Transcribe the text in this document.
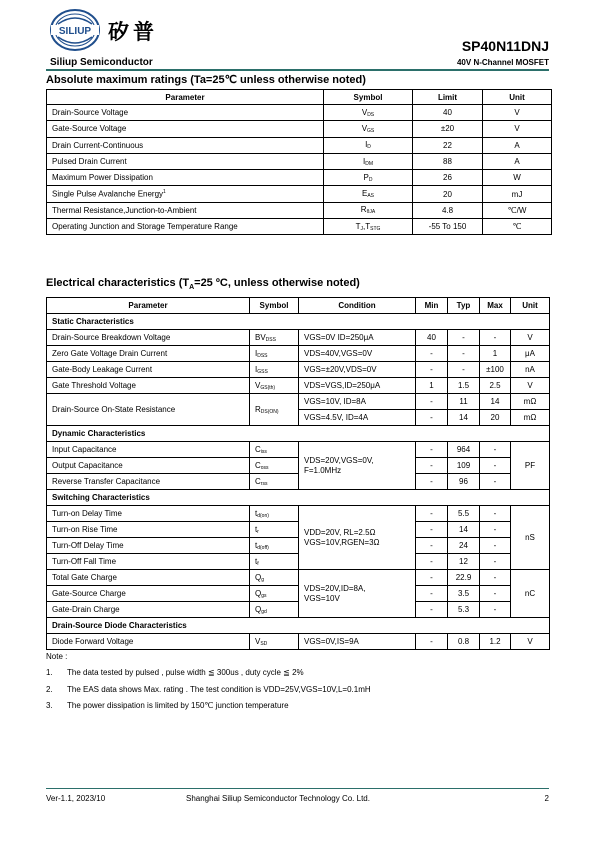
SILIUP 矽普
Siliup Semiconductor
SP40N11DNJ
40V N-Channel MOSFET
Absolute maximum ratings (Ta=25℃ unless otherwise noted)
Parameter	Symbol	Limit	Unit
Drain-Source Voltage	VDS	40	V
Gate-Source Voltage	VGS	±20	V
Drain Current-Continuous	ID	22	A
Pulsed Drain Current	IDM	88	A
Maximum Power Dissipation	PD	26	W
Single Pulse Avalanche Energy$^1$	EAS	20	mJ
Thermal Resistance,Junction-to-Ambient	RθJA	4.8	℃/W
Operating Junction and Storage Temperature Range	TJ,TSTG	-55 To 150	℃
Electrical characteristics ($T_A=25$ ºC, unless otherwise noted)
Parameter	Symbol	Condition	Min	Typ	Max	Unit
Static Characteristics						
Drain-Source Breakdown Voltage	BVDSS	VGS=0V ID=250μA	40	-	-	V
Zero Gate Voltage Drain Current	IDSS	VDS=40V,VGS=0V	-	-	1	μA
Gate-Body Leakage Current	IGSS	VGS=±20V,VDS=0V	-	-	±100	nA
Gate Threshold Voltage	VGS(th)	VDS=VGS,ID=250μA	1	1.5	2.5	V
Drain-Source On-State Resistance	RDS(ON)	VGS=10V, ID=8A	-	11	14	mΩ
		VGS=4.5V, ID=4A	-	14	20	mΩ
Dynamic Characteristics						
Input Capacitance	Ciss	VDS=20V,VGS=0V,
F=1.0MHz	-	964	-	PF
Output Capacitance	Coss		-	109	-	
Reverse Transfer Capacitance	Crss		-	96	-	
Switching Characteristics						
Turn-on Delay Time	td(on)	VDD=20V, RL=2.5Ω
VGS=10V,RGEN=3Ω	-	5.5	-	nS
Turn-on Rise Time	tr		-	14	-	
Turn-Off Delay Time	td(off)		-	24	-	
Turn-Off Fall Time	tf		-	12	-	
Total Gate Charge	Qg	VDS=20V,ID=8A,
VGS=10V	-	22.9	-	nC
Gate-Source Charge	Qgs		-	3.5	-	
Gate-Drain Charge	Qgd		-	5.3	-	
Drain-Source Diode Characteristics						
Diode Forward Voltage	VSD	VGS=0V,IS=9A	-	0.8	1.2	V
Note :
1. The data tested by pulsed , pulse width ≦ 300us , duty cycle ≦ 2%
2. The EAS data shows Max. rating . The test condition is VDD=25V,VGS=10V,L=0.1mH
3. The power dissipation is limited by 150℃ junction temperature
Ver-1.1, 2023/10	Shanghai Siliup Semiconductor Technology Co. Ltd.	2
